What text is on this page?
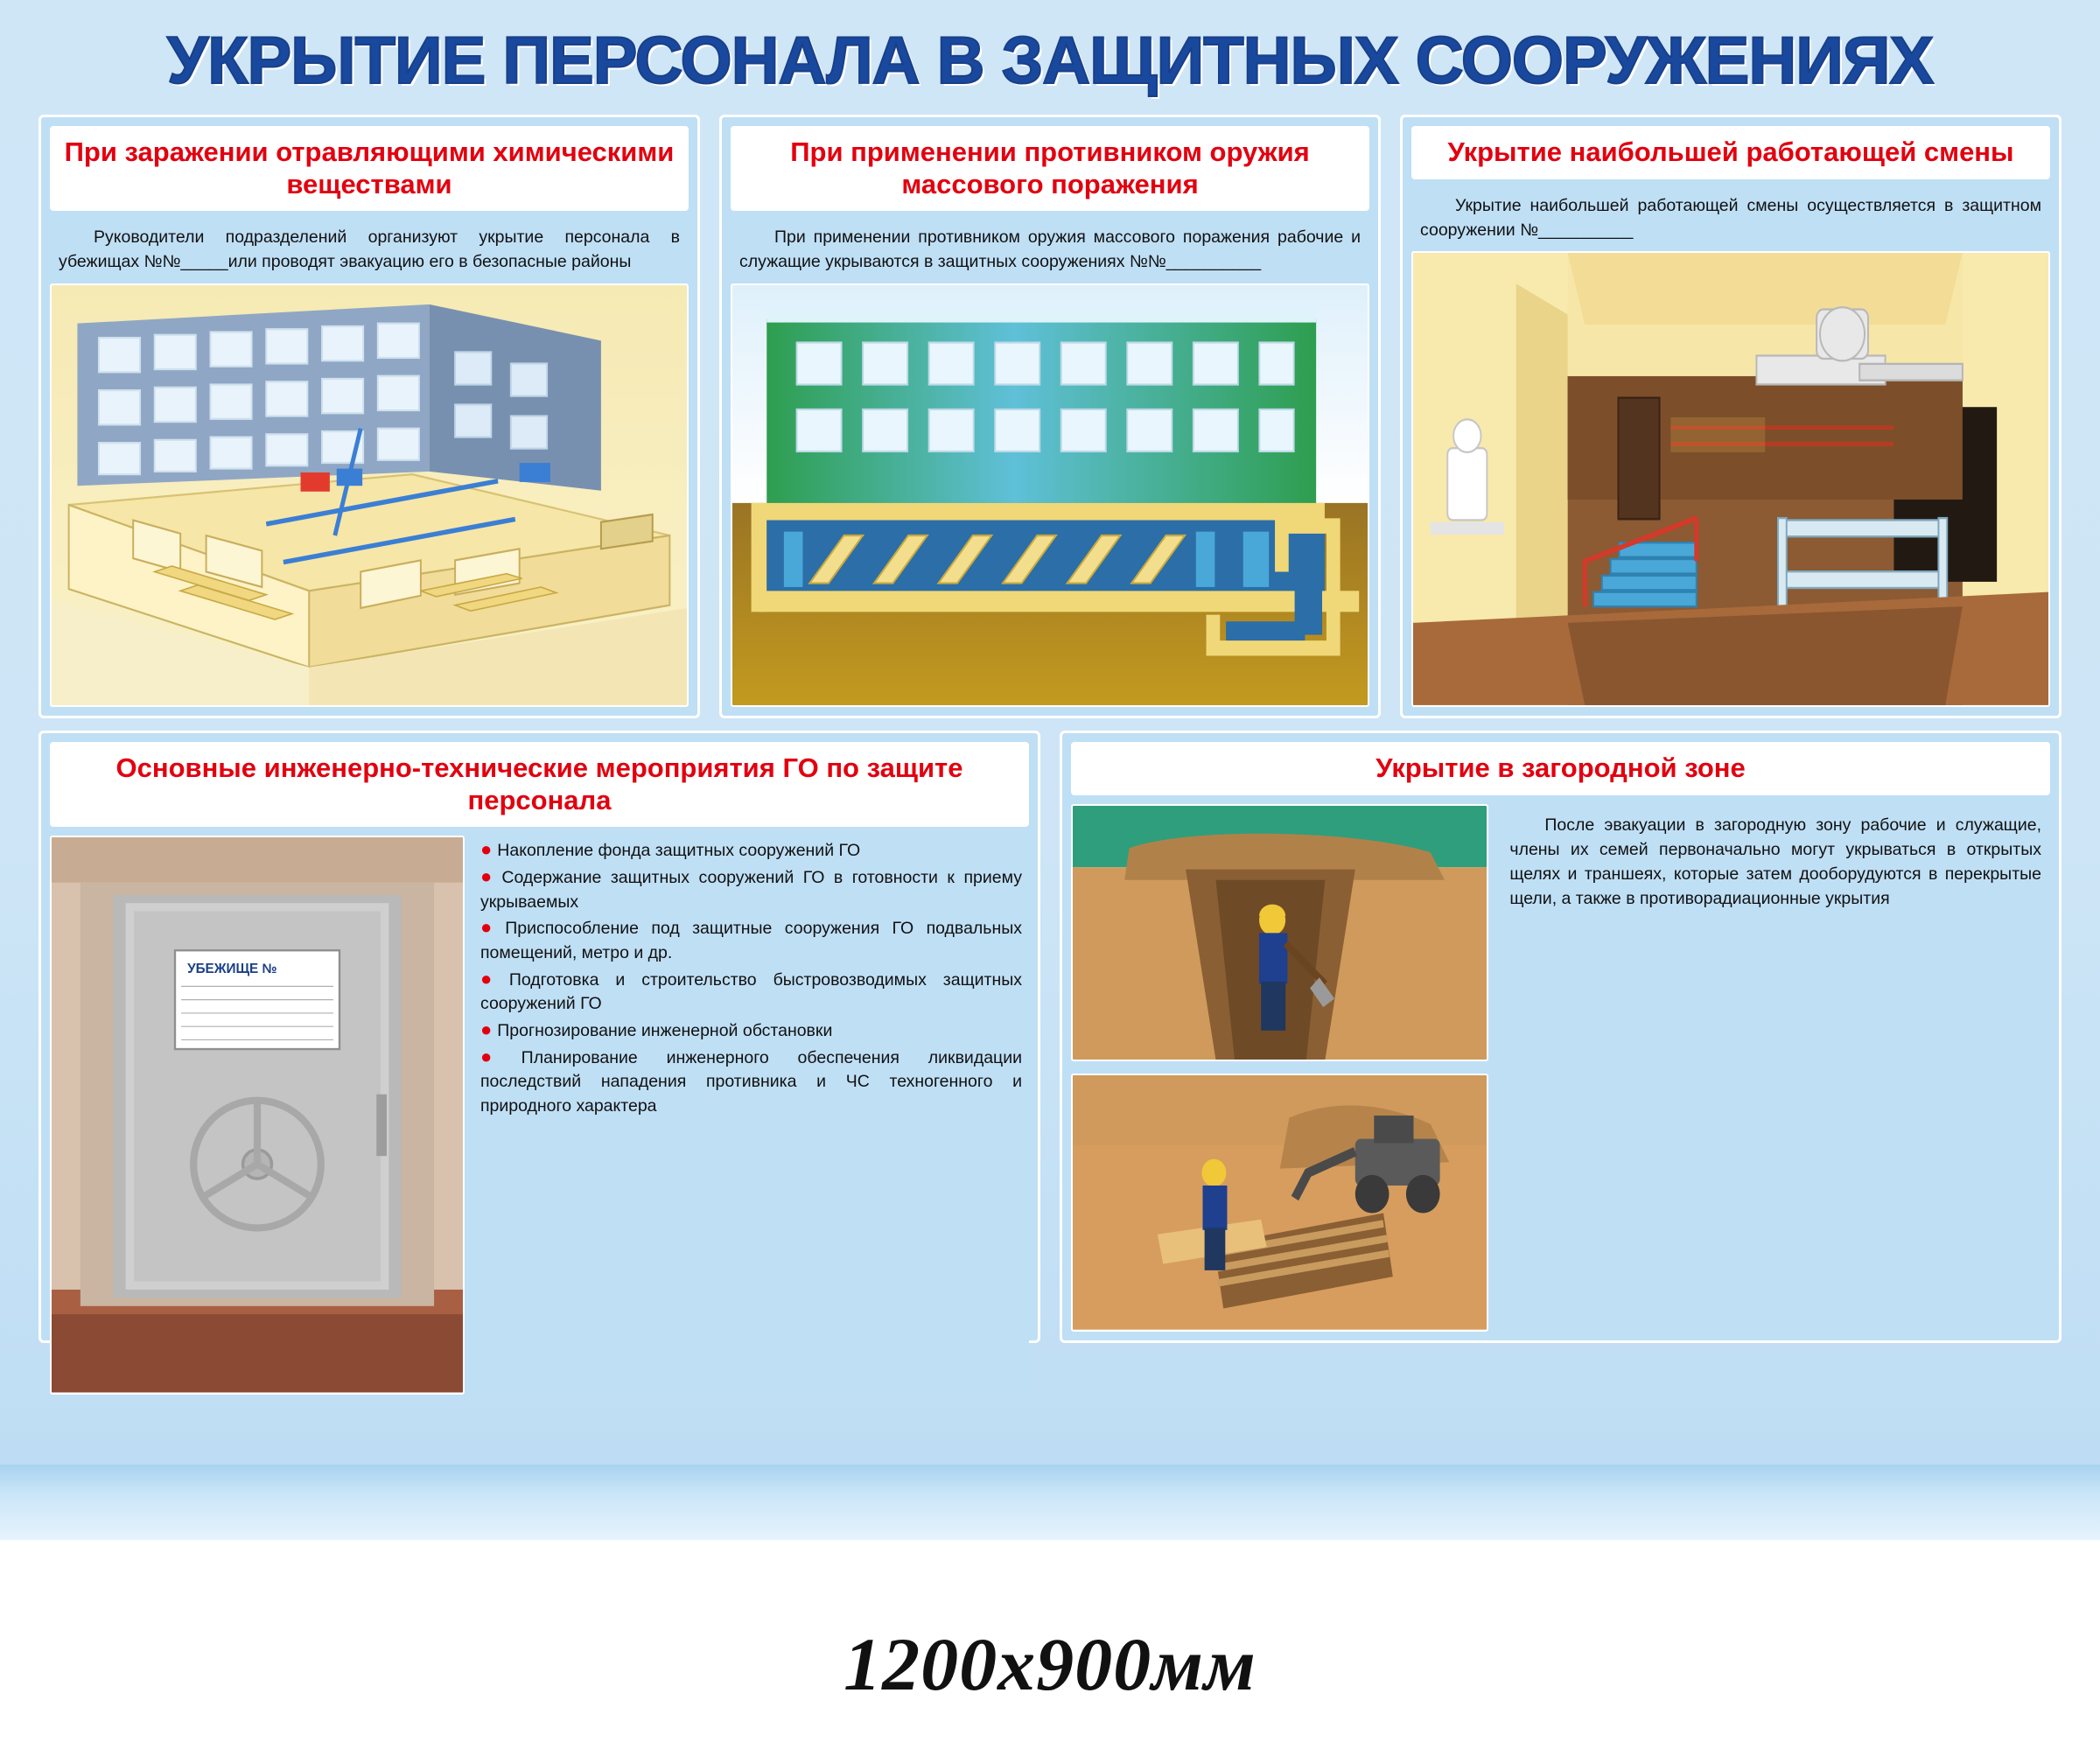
УКРЫТИЕ ПЕРСОНАЛА В ЗАЩИТНЫХ СООРУЖЕНИЯХ
При заражении отравляющими химическими веществами
Руководители подразделений организуют укрытие персонала в убежищах №№_____или проводят эвакуацию его в безопасные районы
При применении противником оружия массового поражения
При применении противником оружия массового поражения рабочие и служащие укрываются в защитных сооружениях №№__________
Укрытие наибольшей работающей смены
Укрытие наибольшей работающей смены осуществляется в защитном сооружении №__________
Основные инженерно-технические мероприятия ГО по защите персонала
УБЕЖИЩЕ №
● Накопление фонда защитных сооружений ГО
● Содержание защитных сооружений ГО в готовности к приему укрываемых
● Приспособление под защитные сооружения ГО подвальных помещений, метро и др.
● Подготовка и строительство быстровозводимых защитных сооружений ГО
● Прогнозирование инженерной обстановки
● Планирование инженерного обеспечения ликвидации последствий нападения противника и ЧС техногенного и природного характера
Укрытие в загородной зоне
После эвакуации в загородную зону рабочие и служащие, члены их семей первоначально могут укрываться в открытых щелях и траншеях, которые затем дооборудуются в перекрытые щели, а также в противорадиационные укрытия
1200х900мм
